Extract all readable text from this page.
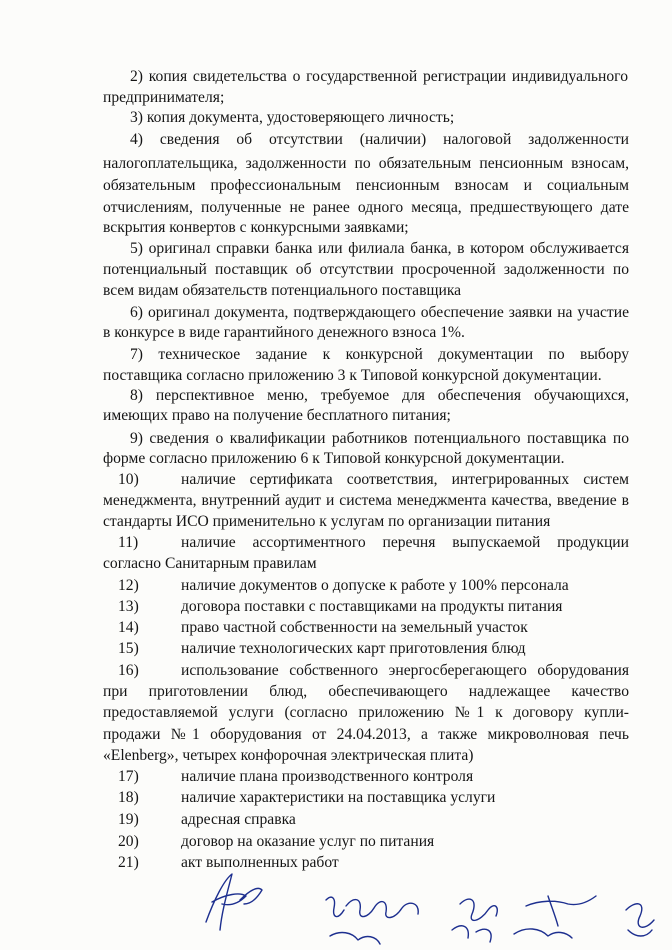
2) копия свидетельства о государственной регистрации индивидуального
предпринимателя;
3) копия документа, удостоверяющего личность;
4) сведения об отсутствии (наличии) налоговой задолженности
налогоплательщика, задолженности по обязательным пенсионным взносам,
обязательным профессиональным пенсионным взносам и социальным
отчислениям, полученные не ранее одного месяца, предшествующего дате
вскрытия конвертов с конкурсными заявками;
5) оригинал справки банка или филиала банка, в котором обслуживается
потенциальный поставщик об отсутствии просроченной задолженности по
всем видам обязательств потенциального поставщика
6) оригинал документа, подтверждающего обеспечение заявки на участие
в конкурсе в виде гарантийного денежного взноса 1%.
7) техническое задание к конкурсной документации по выбору
поставщика согласно приложению 3 к Типовой конкурсной документации.
8) перспективное меню, требуемое для обеспечения обучающихся,
имеющих право на получение бесплатного питания;
9) сведения о квалификации работников потенциального поставщика по
форме согласно приложению 6 к Типовой конкурсной документации.
10)	наличие сертификата соответствия, интегрированных систем
менеджмента, внутренний аудит и система менеджмента качества, введение в
стандарты ИСО применительно к услугам по организации питания
11)	наличие ассортиментного перечня выпускаемой продукции
согласно Санитарным правилам
12)	наличие документов о допуске к работе у 100% персонала
13)	договора поставки с поставщиками на продукты питания
14)	право частной собственности на земельный участок
15)	наличие технологических карт приготовления блюд
16)	использование собственного энергосберегающего оборудования
при приготовлении блюд, обеспечивающего надлежащее качество
предоставляемой услуги (согласно приложению №1 к договору купли-
продажи №1 оборудования от 24.04.2013, а также микроволновая печь
«Elenberg», четырех конфорочная электрическая плита)
17)	наличие плана производственного контроля
18)	наличие характеристики на поставщика услуги
19)	адресная справка
20)	договор на оказание услуг по питания
21)	акт выполненных работ
